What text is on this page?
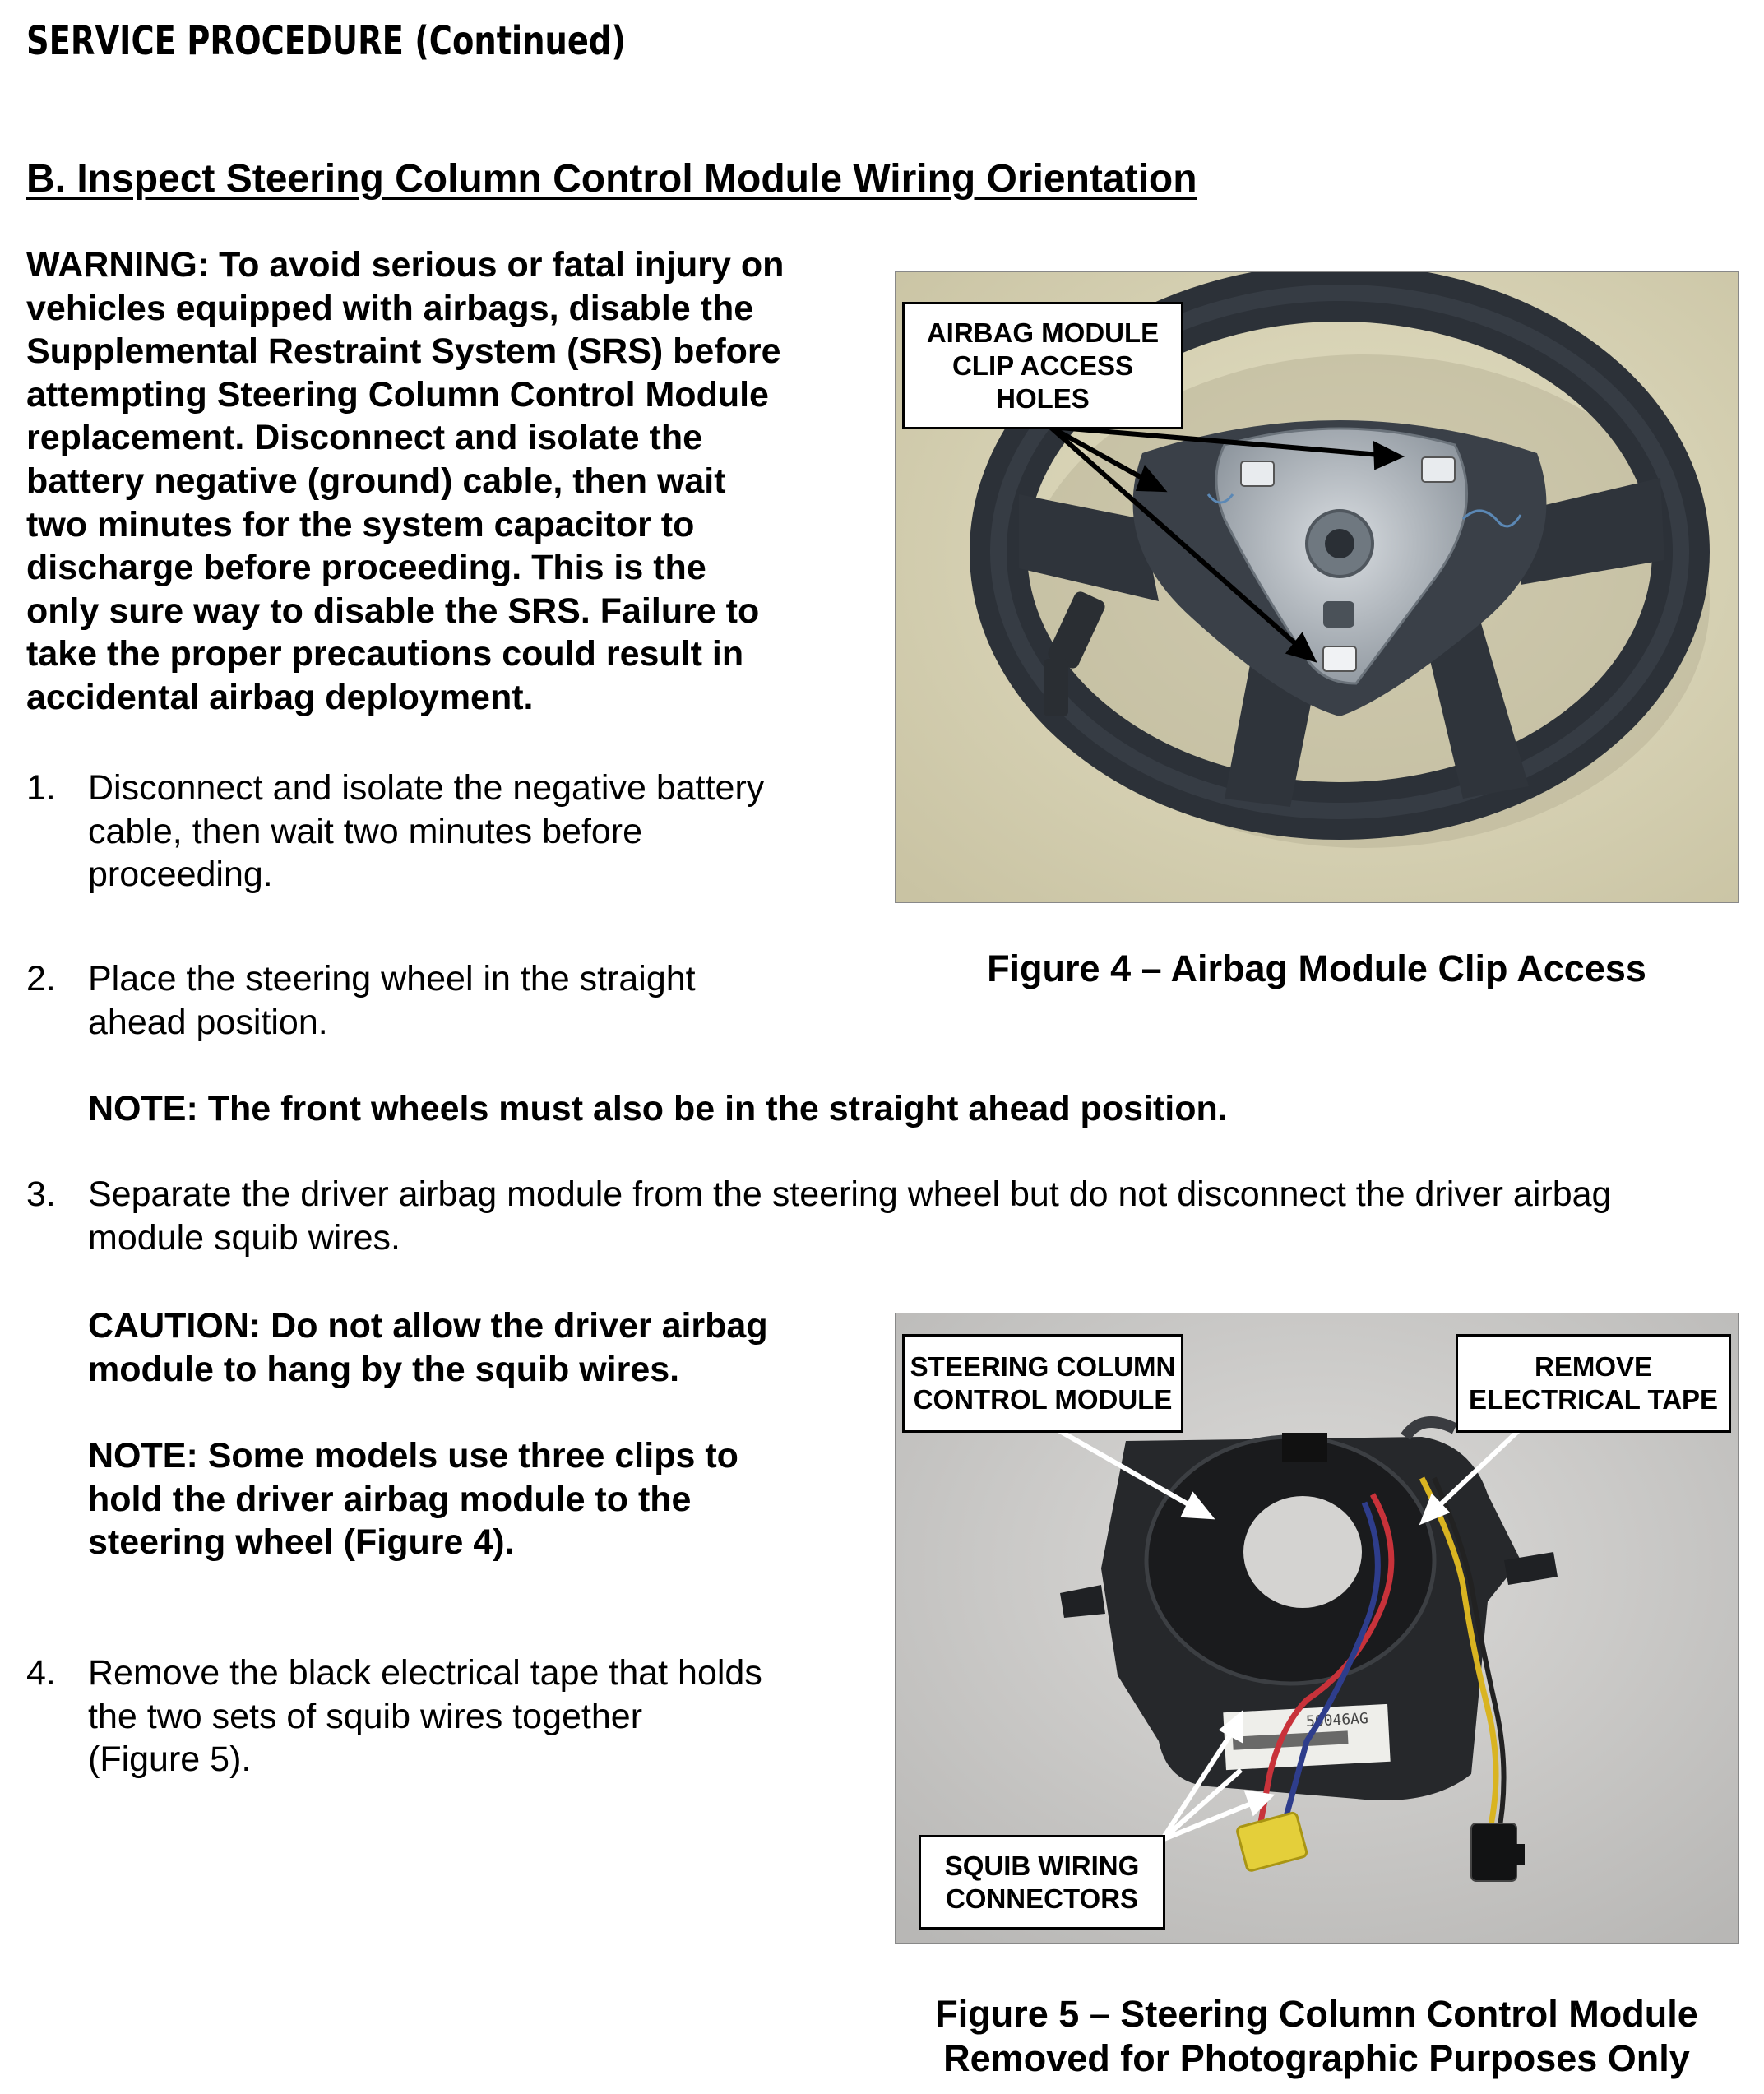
SERVICE PROCEDURE (Continued)
B. Inspect Steering Column Control Module Wiring Orientation
WARNING: To avoid serious or fatal injury on
vehicles equipped with airbags, disable the
Supplemental Restraint System (SRS) before
attempting Steering Column Control Module
replacement. Disconnect and isolate the
battery negative (ground) cable, then wait
two minutes for the system capacitor to
discharge before proceeding. This is the
only sure way to disable the SRS. Failure to
take the proper precautions could result in
accidental airbag deployment.
1. Disconnect and isolate the negative battery
cable, then wait two minutes before
proceeding.
2. Place the steering wheel in the straight
ahead position.
NOTE: The front wheels must also be in the straight ahead position.
3. Separate the driver airbag module from the steering wheel but do not disconnect the driver airbag
module squib wires.
CAUTION: Do not allow the driver airbag
module to hang by the squib wires.
NOTE: Some models use three clips to
hold the driver airbag module to the
steering wheel (Figure 4).
4. Remove the black electrical tape that holds
the two sets of squib wires together
(Figure 5).
AIRBAG MODULE
CLIP ACCESS
HOLES
Figure 4 – Airbag Module Clip Access
56046AG
STEERING COLUMN
CONTROL MODULE
REMOVE
ELECTRICAL TAPE
SQUIB WIRING
CONNECTORS
Figure 5 – Steering Column Control Module
Removed for Photographic Purposes Only
